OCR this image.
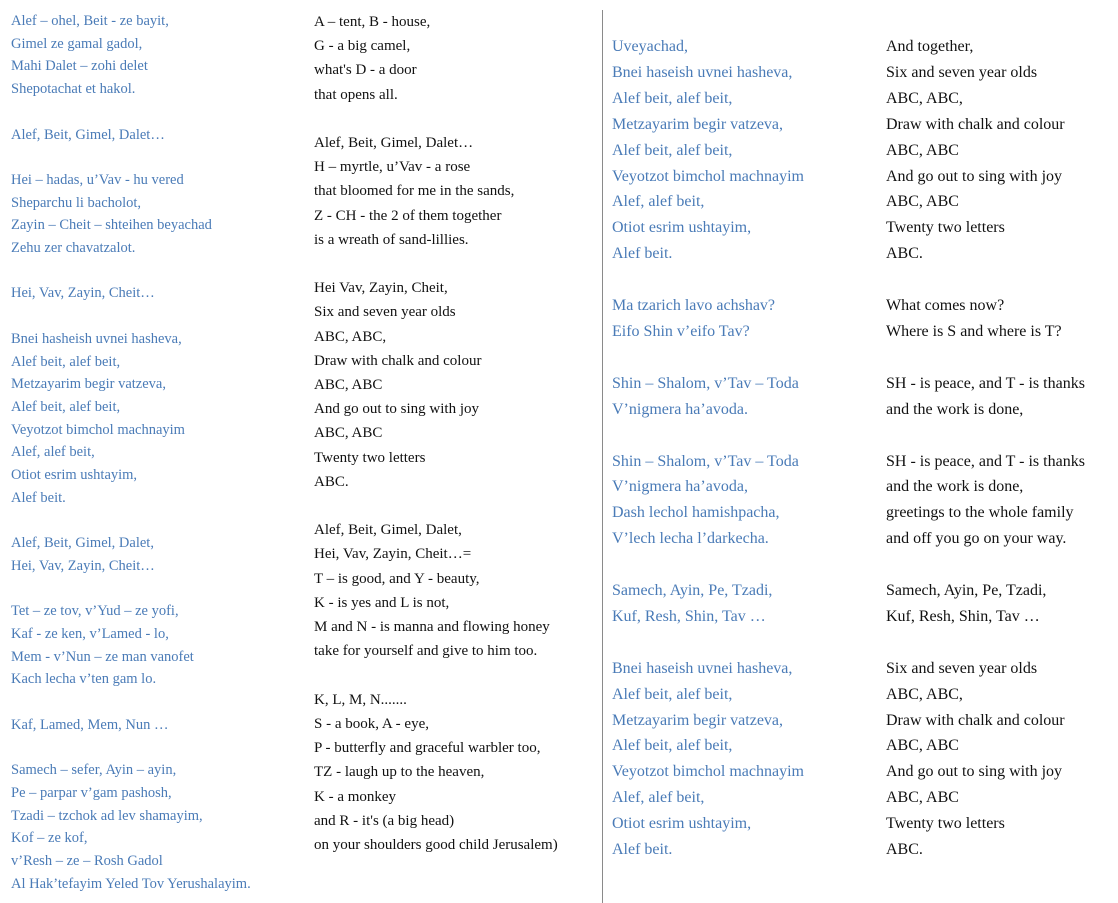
Alef – ohel, Beit - ze bayit,
Gimel ze gamal gadol,
Mahi Dalet – zohi delet
Shepotachat et hakol.

Alef, Beit, Gimel, Dalet…

Hei – hadas, u’Vav - hu vered
Sheparchu li bacholot,
Zayin – Cheit – shteihen beyachad
Zehu zer chavatzalot.

Hei, Vav, Zayin, Cheit…

Bnei hasheish uvnei hasheva,
Alef beit, alef beit,
Metzayarim begir vatzeva,
Alef beit, alef beit,
Veyotzot bimchol machnayim
Alef, alef beit,
Otiot esrim ushtayim,
Alef beit.

Alef, Beit, Gimel, Dalet,
Hei, Vav, Zayin, Cheit…

Tet – ze tov, v’Yud – ze yofi,
Kaf - ze ken, v’Lamed - lo,
Mem - v’Nun – ze man vanofet
Kach lecha v’ten gam lo.

Kaf, Lamed, Mem, Nun …

Samech – sefer, Ayin – ayin,
Pe – parpar v’gam pashosh,
Tzadi – tzchok ad lev shamayim,
Kof – ze kof,
v’Resh – ze – Rosh Gadol
Al Hak’tefayim Yeled Tov Yerushalayim.
A – tent, B - house,
G - a big camel,
what's D - a door
that opens all.

Alef, Beit, Gimel, Dalet…
H – myrtle, u’Vav - a rose
that bloomed for me in the sands,
Z - CH - the 2 of them together
is a wreath of sand-lillies.

Hei Vav, Zayin, Cheit,
Six and seven year olds
ABC, ABC,
Draw with chalk and colour
ABC, ABC
And go out to sing with joy
ABC, ABC
Twenty two letters
ABC.

Alef, Beit, Gimel, Dalet,
Hei, Vav, Zayin, Cheit…=
T – is good, and Y - beauty,
K - is yes and L is not,
M and N - is manna and flowing honey
take for yourself and give to him too.

K, L, M, N.......
S - a book, A - eye,
P - butterfly and graceful warbler too,
TZ - laugh up to the heaven,
K - a monkey
and R - it's (a big head)
on your shoulders good child Jerusalem)
Uveyachad,
Bnei haseish uvnei hasheva,
Alef beit, alef beit,
Metzayarim begir vatzeva,
Alef beit, alef beit,
Veyotzot bimchol machnayim
Alef, alef beit,
Otiot esrim ushtayim,
Alef beit.

Ma tzarich lavo achshav?
Eifo Shin v’eifo Tav?

Shin – Shalom, v’Tav – Toda
V’nigmera ha’avoda.

Shin – Shalom, v’Tav – Toda
V’nigmera ha’avoda,
Dash lechol hamishpacha,
V’lech lecha l’darkecha.

Samech, Ayin, Pe, Tzadi,
Kuf, Resh, Shin, Tav …

Bnei haseish uvnei hasheva,
Alef beit, alef beit,
Metzayarim begir vatzeva,
Alef beit, alef beit,
Veyotzot bimchol machnayim
Alef, alef beit,
Otiot esrim ushtayim,
Alef beit.
And together,
Six and seven year olds
ABC, ABC,
Draw with chalk and colour
ABC, ABC
And go out to sing with joy
ABC, ABC
Twenty two letters
ABC.

What comes now?
Where is S and where is T?

SH - is peace, and T - is thanks
and the work is done,

SH - is peace, and T - is thanks
and the work is done,
greetings to the whole family
and off you go on your way.

Samech, Ayin, Pe, Tzadi,
Kuf, Resh, Shin, Tav …

Six and seven year olds
ABC, ABC,
Draw with chalk and colour
ABC, ABC
And go out to sing with joy
ABC, ABC
Twenty two letters
ABC.
